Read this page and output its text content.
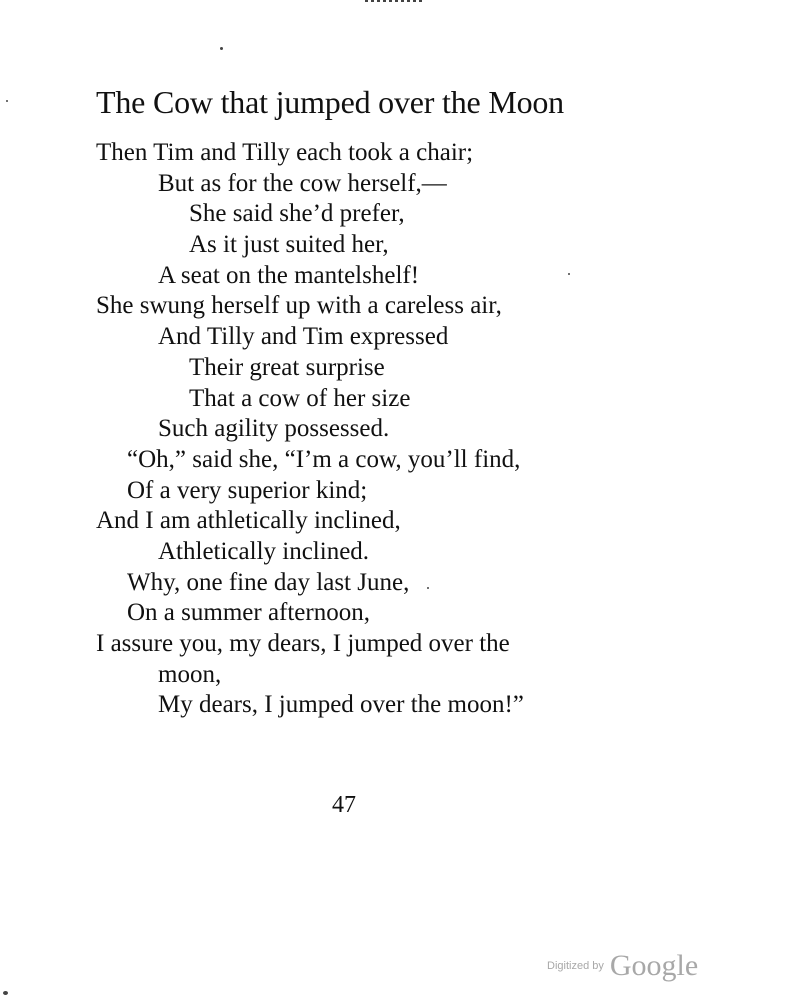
The Cow that jumped over the Moon
Then Tim and Tilly each took a chair;
But as for the cow herself,—
She said she’d prefer,
As it just suited her,
A seat on the mantelshelf!
She swung herself up with a careless air,
And Tilly and Tim expressed
Their great surprise
That a cow of her size
Such agility possessed.
“Oh,” said she, “I’m a cow, you’ll find,
Of a very superior kind;
And I am athletically inclined,
Athletically inclined.
Why, one fine day last June,
On a summer afternoon,
I assure you, my dears, I jumped over the
moon,
My dears, I jumped over the moon!”
47
Digitized by Google
